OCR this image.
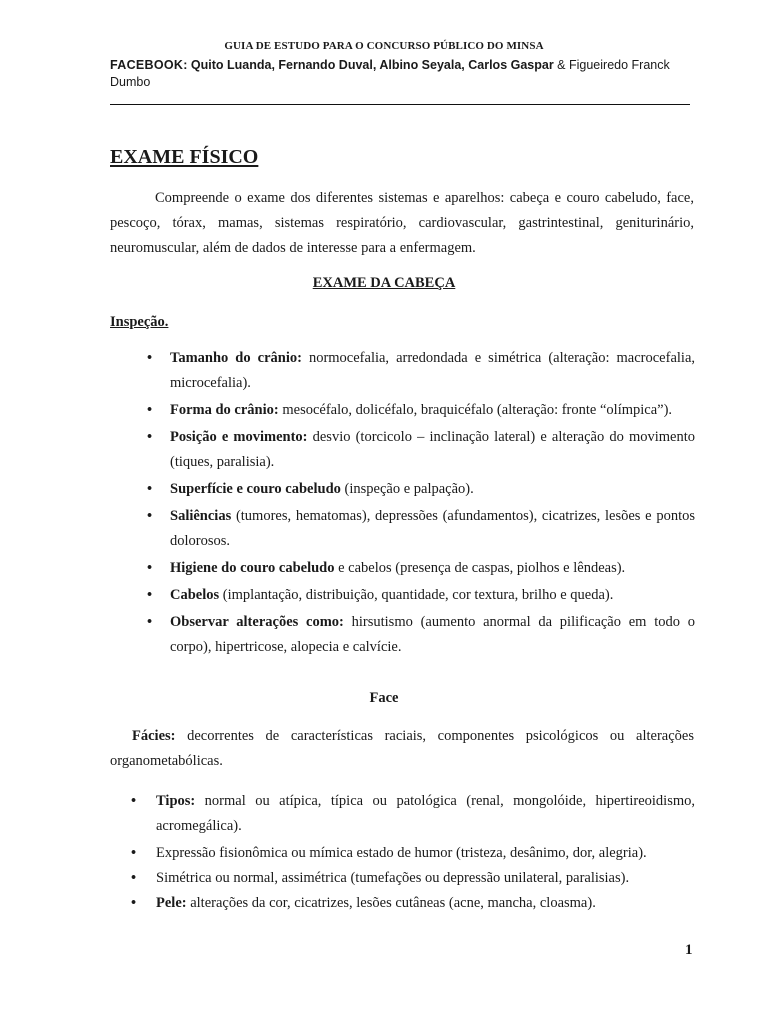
GUIA DE ESTUDO PARA O CONCURSO PÚBLICO DO MINSA
FACEBOOK: Quito Luanda, Fernando Duval, Albino Seyala, Carlos Gaspar & Figueiredo Franck Dumbo
EXAME FÍSICO

Compreende o exame dos diferentes sistemas e aparelhos: cabeça e couro cabeludo, face, pescoço, tórax, mamas, sistemas respiratório, cardiovascular, gastrintestinal, geniturinário, neuromuscular, além de dados de interesse para a enfermagem.

EXAME DA CABEÇA
Inspeção.
• Tamanho do crânio: normocefalia, arredondada e simétrica (alteração: macrocefalia, microcefalia).
• Forma do crânio: mesocéfalo, dolicéfalo, braquicéfalo (alteração: fronte “olímpica”).
• Posição e movimento: desvio (torcicolo – inclinação lateral) e alteração do movimento (tiques, paralisia).
• Superfície e couro cabeludo (inspeção e palpação).
• Saliências (tumores, hematomas), depressões (afundamentos), cicatrizes, lesões e pontos dolorosos.
• Higiene do couro cabeludo e cabelos (presença de caspas, piolhos e lêndeas).
• Cabelos (implantação, distribuição, quantidade, cor textura, brilho e queda).
• Observar alterações como: hirsutismo (aumento anormal da pilificação em todo o corpo), hipertricose, alopecia e calvície.
Face

Fácies: decorrentes de características raciais, componentes psicológicos ou alterações organometabólicas.

• Tipos: normal ou atípica, típica ou patológica (renal, mongolóide, hipertireoidismo, acromegálica).
• Expressão fisionômica ou mímica estado de humor (tristeza, desânimo, dor, alegria).
• Simétrica ou normal, assimétrica (tumefações ou depressão unilateral, paralisias).
• Pele: alterações da cor, cicatrizes, lesões cutâneas (acne, mancha, cloasma).
1
